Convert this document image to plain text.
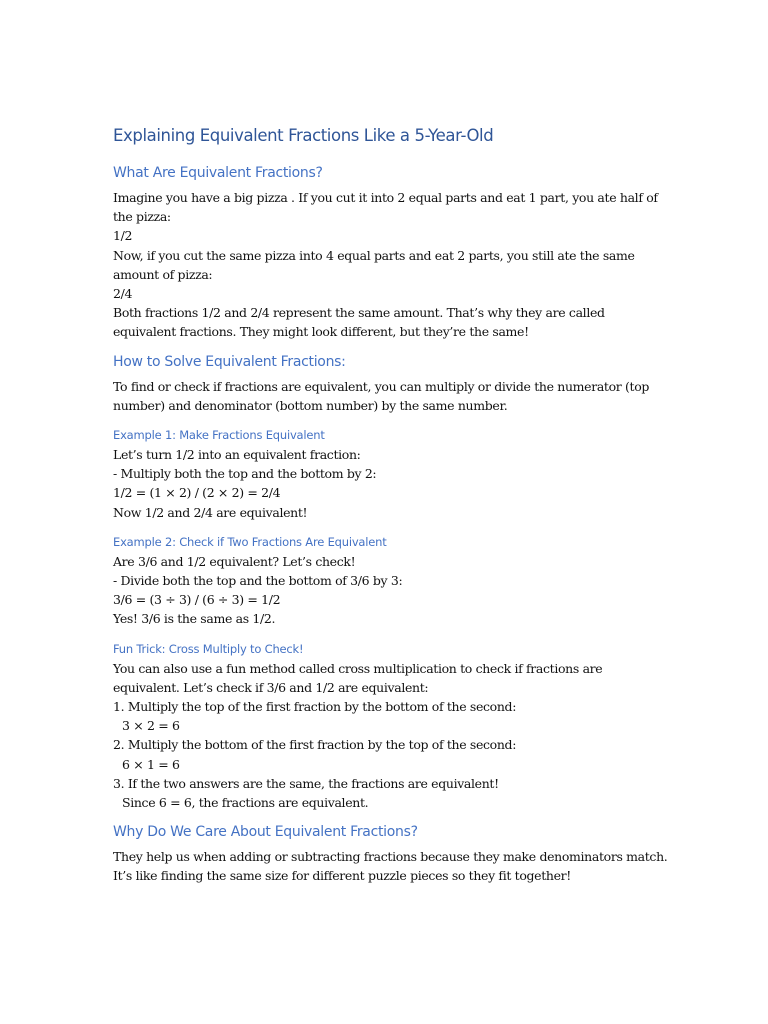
Explaining Equivalent Fractions Like a 5-Year-Old
What Are Equivalent Fractions?

Imagine you have a big pizza . If you cut it into 2 equal parts and eat 1 part, you ate half of

the pizza:

1/2

Now, if you cut the same pizza into 4 equal parts and eat 2 parts, you still ate the same

amount of pizza:

2/4

Both fractions 1/2 and 2/4 represent the same amount. That’s why they are called

equivalent fractions. They might look different, but they’re the same!

How to Solve Equivalent Fractions:

To find or check if fractions are equivalent, you can multiply or divide the numerator (top

number) and denominator (bottom number) by the same number.

Example 1: Make Fractions Equivalent

Let’s turn 1/2 into an equivalent fraction:

- Multiply both the top and the bottom by 2:

1/2 = (1 × 2) / (2 × 2) = 2/4

Now 1/2 and 2/4 are equivalent!

Example 2: Check if Two Fractions Are Equivalent

Are 3/6 and 1/2 equivalent? Let’s check!

- Divide both the top and the bottom of 3/6 by 3:

3/6 = (3 ÷ 3) / (6 ÷ 3) = 1/2

Yes! 3/6 is the same as 1/2.

Fun Trick: Cross Multiply to Check!

You can also use a fun method called cross multiplication to check if fractions are

equivalent. Let’s check if 3/6 and 1/2 are equivalent:

1. Multiply the top of the first fraction by the bottom of the second:

3 × 2 = 6

2. Multiply the bottom of the first fraction by the top of the second:

6 × 1 = 6

3. If the two answers are the same, the fractions are equivalent!

Since 6 = 6, the fractions are equivalent.

Why Do We Care About Equivalent Fractions?

They help us when adding or subtracting fractions because they make denominators match.

It’s like finding the same size for different puzzle pieces so they fit together!
